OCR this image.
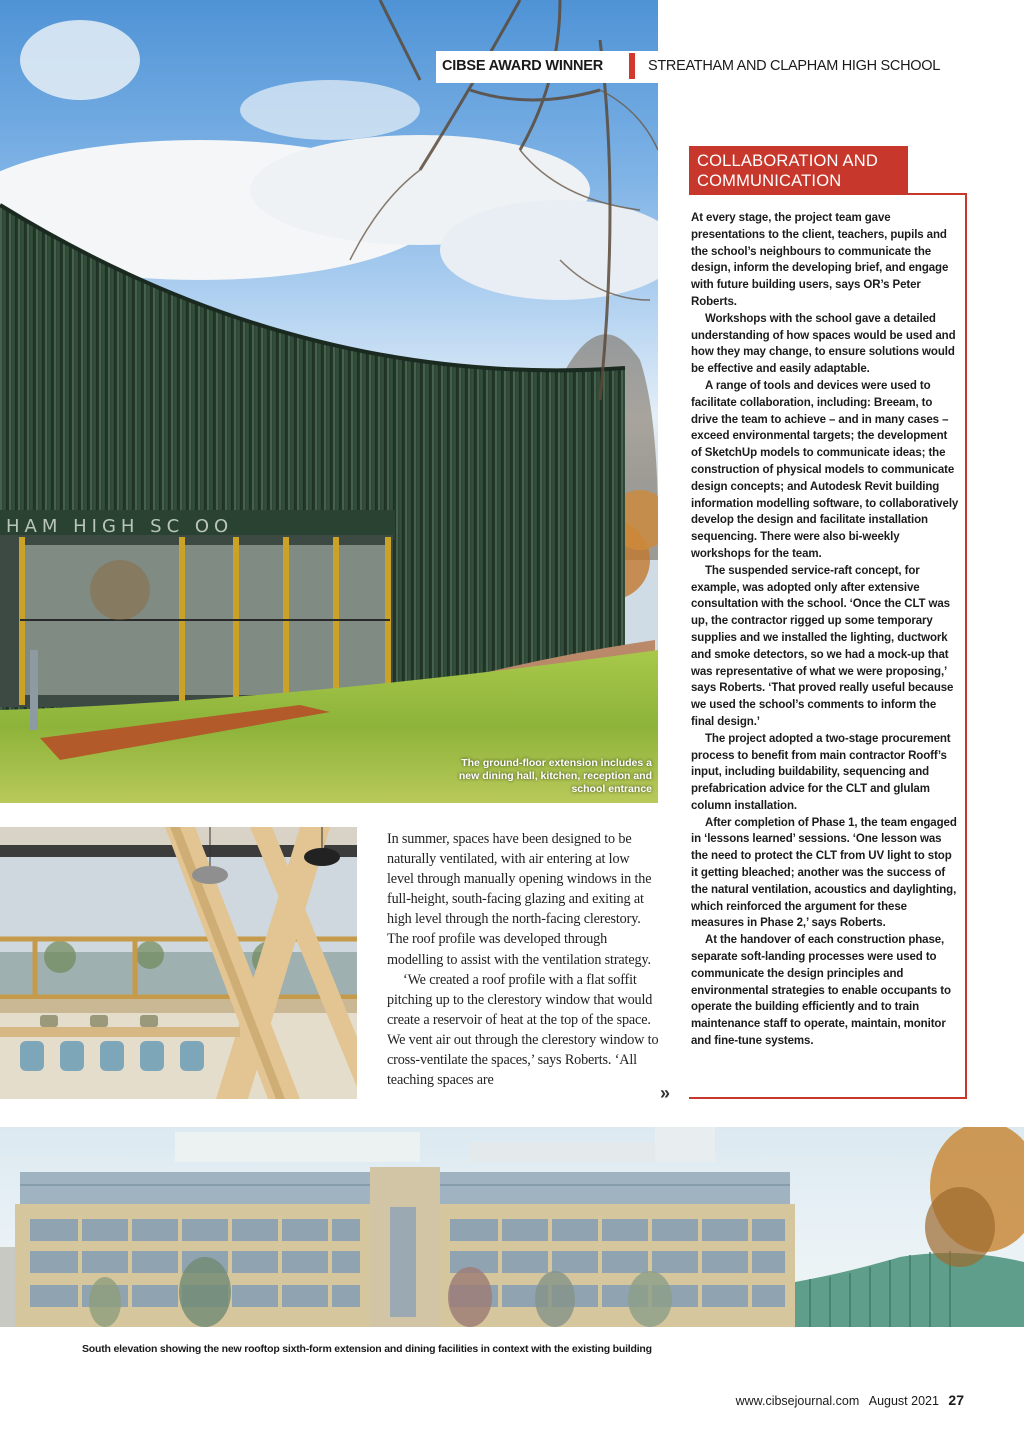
HAM HIGH SC OO
The ground-floor extension includes a new dining hall, kitchen, reception and school entrance
CIBSE AWARD WINNER	STREATHAM AND CLAPHAM HIGH SCHOOL
COLLABORATION AND COMMUNICATION

At every stage, the project team gave presentations to the client, teachers, pupils and the school’s neighbours to communicate the design, inform the developing brief, and engage with future building users, says OR’s Peter Roberts.

Workshops with the school gave a detailed understanding of how spaces would be used and how they may change, to ensure solutions would be effective and easily adaptable.

A range of tools and devices were used to facilitate collaboration, including: Breeam, to drive the team to achieve – and in many cases – exceed environmental targets; the development of SketchUp models to communicate ideas; the construction of physical models to communicate design concepts; and Autodesk Revit building information modelling software, to collaboratively develop the design and facilitate installation sequencing. There were also bi-weekly workshops for the team.

The suspended service-raft concept, for example, was adopted only after extensive consultation with the school. ‘Once the CLT was up, the contractor rigged up some temporary supplies and we installed the lighting, ductwork and smoke detectors, so we had a mock-up that was representative of what we were proposing,’ says Roberts. ‘That proved really useful because we used the school’s comments to inform the final design.’

The project adopted a two-stage procurement process to benefit from main contractor Rooff’s input, including buildability, sequencing and prefabrication advice for the CLT and glulam column installation.

After completion of Phase 1, the team engaged in ‘lessons learned’ sessions. ‘One lesson was the need to protect the CLT from UV light to stop it getting bleached; another was the success of the natural ventilation, acoustics and daylighting, which reinforced the argument for these measures in Phase 2,’ says Roberts.

At the handover of each construction phase, separate soft-landing processes were used to communicate the design principles and environmental strategies to enable occupants to operate the building efficiently and to train maintenance staff to operate, maintain, monitor and fine-tune systems.

In summer, spaces have been designed to be naturally ventilated, with air entering at low level through manually opening windows in the full-height, south-facing glazing and exiting at high level through the north-facing clerestory. The roof profile was developed through modelling to assist with the ventilation strategy.

‘We created a roof profile with a flat soffit pitching up to the clerestory window that would create a reservoir of heat at the top of the space. We vent air out through the clerestory window to cross-ventilate the spaces,’ says Roberts. ‘All teaching spaces are

»
South elevation showing the new rooftop sixth-form extension and dining facilities in context with the existing building
www.cibsejournal.com August 2021 27
